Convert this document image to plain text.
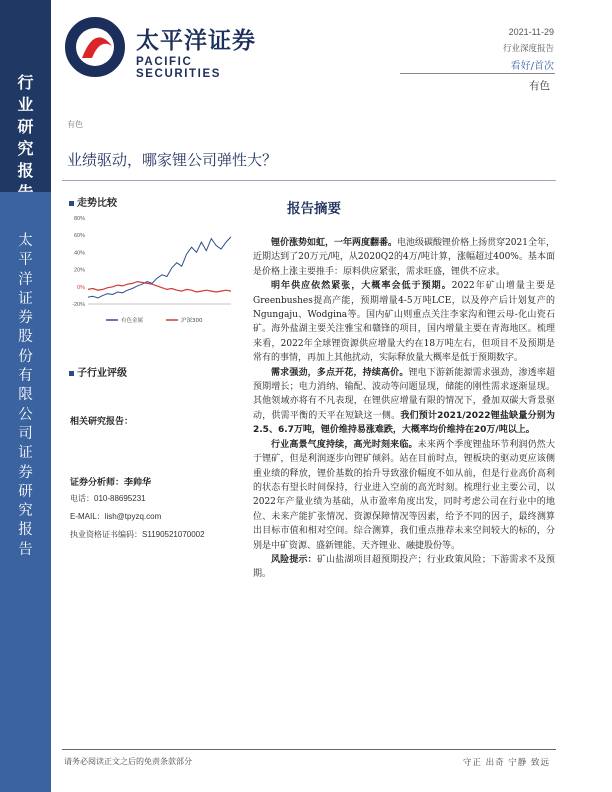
行
业
研
究
报

太
平
洋
证
券
股
份
有
限
公
司
证
券
研
究
报
告
太平洋证券
PACIFIC SECURITIES
2021-11-29
行业深度报告
看好/首次
有色
有色
业绩驱动，哪家锂公司弹性大？
走势比较
80%
60%
40%
20%
0%
-20%
有色金属	沪深300
子行业评级
相关研究报告：
证券分析师：李帅华
电话：010-88695231
E-MAIL：lish@tpyzq.com
执业资格证书编码：S1190521070002
报告摘要

锂价涨势如虹，一年两度翻番。电池级碳酸锂价格上扬贯穿2021全年，近期达到了20万元/吨，从2020Q2的4万/吨计算，涨幅超过400%。基本面是价格上涨主要推手：原料供应紧张，需求旺盛，锂供不应求。

明年供应依然紧张，大概率会低于预期。2022年矿山增量主要是Greenbushes提高产能，预期增量4-5万吨LCE，以及停产后计划复产的Ngungaju、Wodgina等。国内矿山则重点关注李家沟和锂云母-化山瓷石矿。海外盐湖主要关注雅宝和赣锋的项目，国内增量主要在青海地区。梳理来看，2022年全球锂资源供应增量大约在18万吨左右，但项目不及预期是常有的事情，再加上其他扰动，实际释放量大概率是低于预期数字。

需求强劲，多点开花，持续高价。锂电下游新能源需求强劲，渗透率超预期增长；电力消纳、输配、波动等问题显现，储能的刚性需求逐渐显现。其他领域亦将有不凡表现，在锂供应增量有限的情况下，叠加双碳大背景驱动，供需平衡的天平在短缺这一侧。我们预计2021/2022锂盐缺量分别为2.5、6.7万吨，锂价维持易涨难跌，大概率均价维持在20万/吨以上。

行业高景气度持续，高光时刻来临。未来两个季度锂盐环节利润仍然大于锂矿，但是利润逐步向锂矿倾斜。站在目前时点，锂板块的驱动更应该侧重业绩的释放，锂价基数的抬升导致涨价幅度不如从前，但是行业高价高利的状态有望长时间保持，行业进入空前的高光时刻。梳理行业主要公司，以2022年产量业绩为基础，从市盈率角度出发，同时考虑公司在行业中的地位、未来产能扩张情况、资源保障情况等因素，给予不同的因子，最终测算出目标市值和相对空间。综合测算，我们重点推荐未来空间较大的标的，分别是中矿资源、盛新锂能、天齐锂业、融捷股份等。

风险提示：矿山盐湖项目超预期投产；行业政策风险；下游需求不及预期。

请务必阅读正文之后的免责条款部分	守正 出奇 宁静 致远
